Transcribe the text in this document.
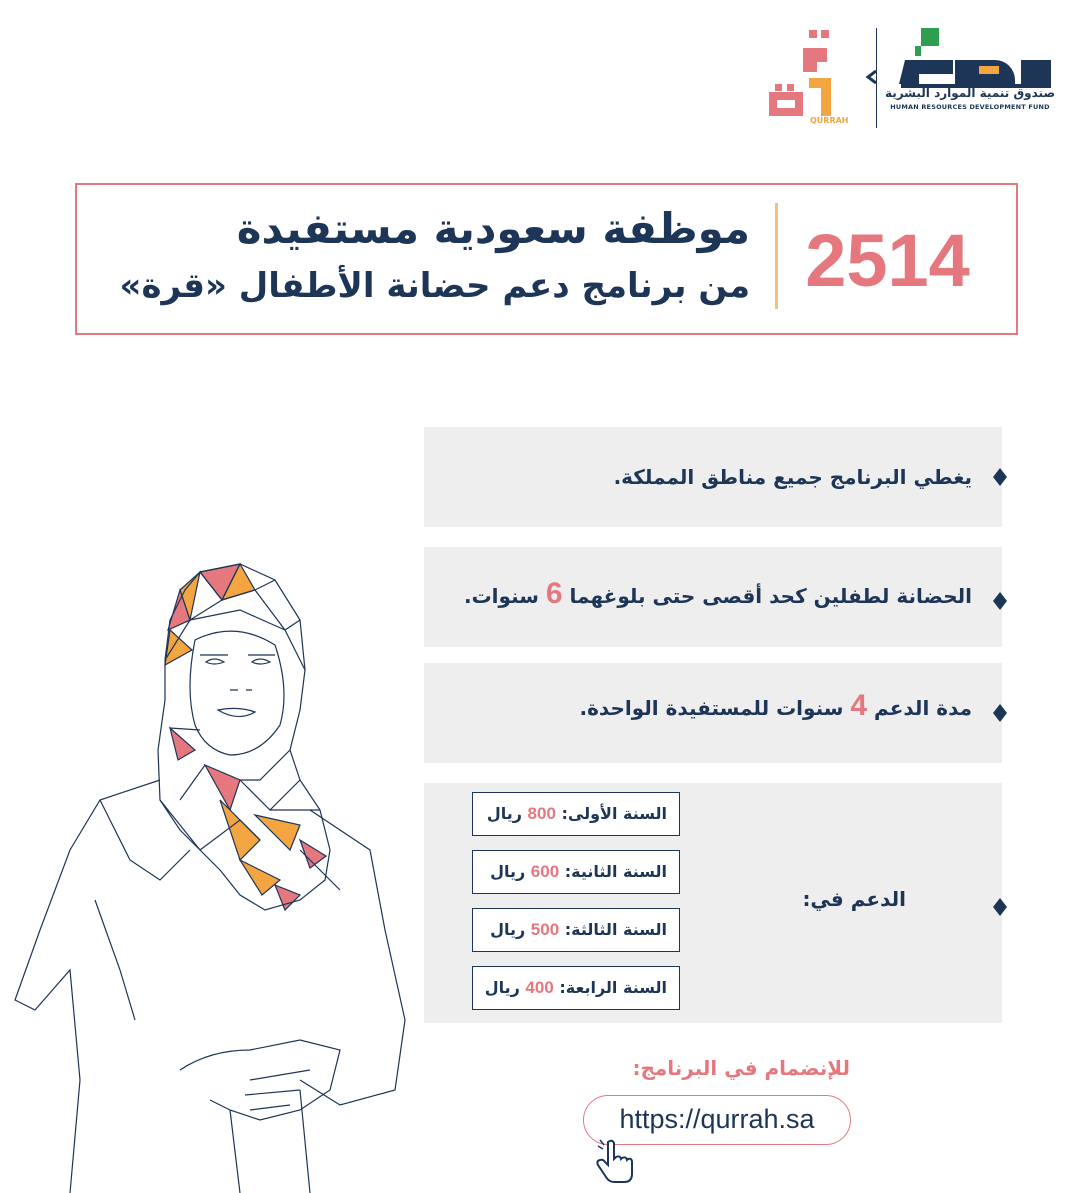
صندوق تنمية الموارد البشرية
HUMAN RESOURCES DEVELOPMENT FUND
QURRAH
2514
موظفة سعودية مستفيدة
من برنامج دعم حضانة الأطفال «قرة»
يغطي البرنامج جميع مناطق المملكة.
الحضانة لطفلين كحد أقصى حتى بلوغهما 6 سنوات.
مدة الدعم 4 سنوات للمستفيدة الواحدة.
الدعم في:
السنة الأولى: 800 ريال
السنة الثانية: 600 ريال
السنة الثالثة: 500 ريال
السنة الرابعة: 400 ريال
للإنضمام في البرنامج:
https://qurrah.sa
